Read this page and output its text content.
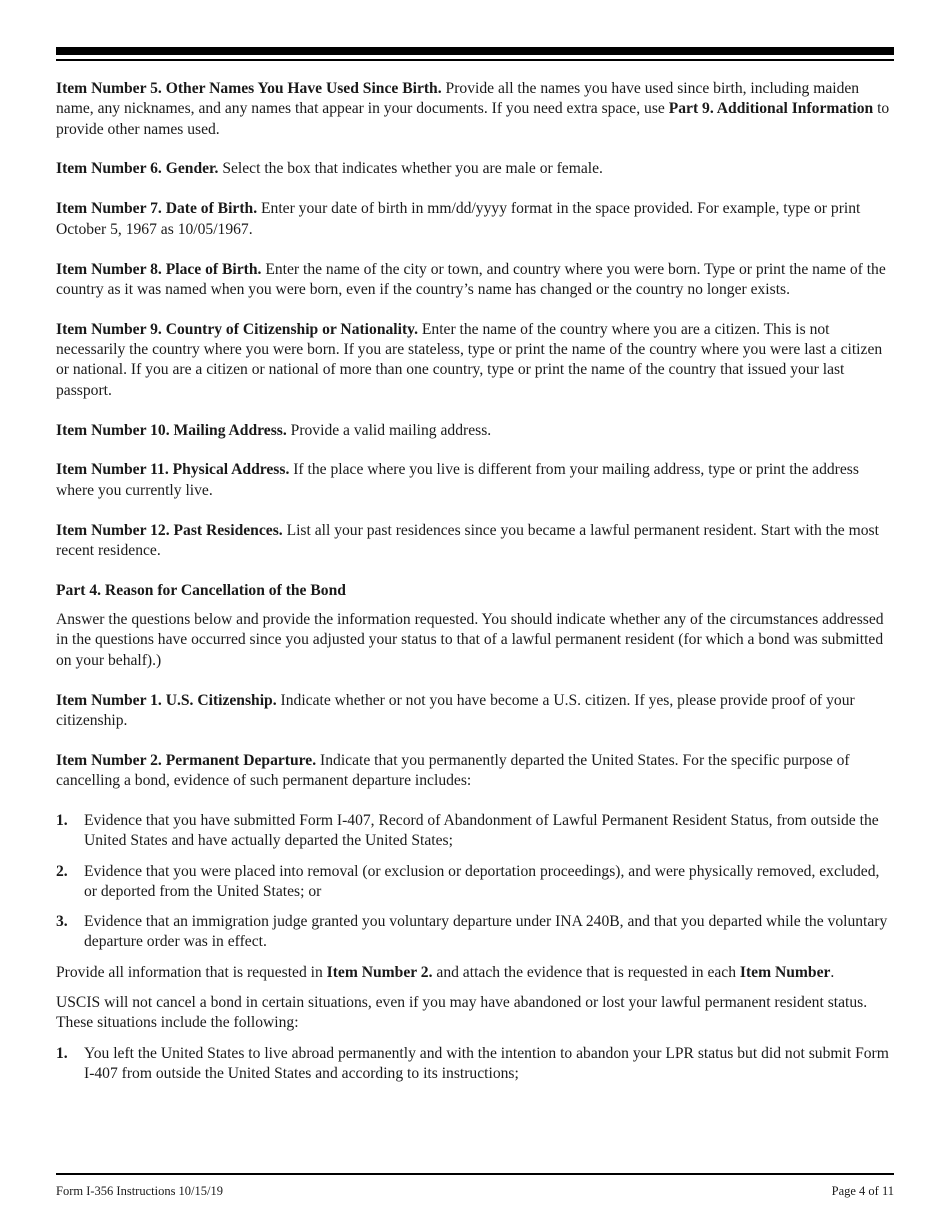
Item Number 5. Other Names You Have Used Since Birth. Provide all the names you have used since birth, including maiden name, any nicknames, and any names that appear in your documents. If you need extra space, use Part 9. Additional Information to provide other names used.

Item Number 6. Gender. Select the box that indicates whether you are male or female.

Item Number 7. Date of Birth. Enter your date of birth in mm/dd/yyyy format in the space provided. For example, type or print October 5, 1967 as 10/05/1967.

Item Number 8. Place of Birth. Enter the name of the city or town, and country where you were born. Type or print the name of the country as it was named when you were born, even if the country’s name has changed or the country no longer exists.

Item Number 9. Country of Citizenship or Nationality. Enter the name of the country where you are a citizen. This is not necessarily the country where you were born. If you are stateless, type or print the name of the country where you were last a citizen or national. If you are a citizen or national of more than one country, type or print the name of the country that issued your last passport.

Item Number 10. Mailing Address. Provide a valid mailing address.

Item Number 11. Physical Address. If the place where you live is different from your mailing address, type or print the address where you currently live.

Item Number 12. Past Residences. List all your past residences since you became a lawful permanent resident. Start with the most recent residence.

Part 4. Reason for Cancellation of the Bond

Answer the questions below and provide the information requested. You should indicate whether any of the circumstances addressed in the questions have occurred since you adjusted your status to that of a lawful permanent resident (for which a bond was submitted on your behalf).)

Item Number 1. U.S. Citizenship. Indicate whether or not you have become a U.S. citizen. If yes, please provide proof of your citizenship.

Item Number 2. Permanent Departure. Indicate that you permanently departed the United States. For the specific purpose of cancelling a bond, evidence of such permanent departure includes:

1. Evidence that you have submitted Form I-407, Record of Abandonment of Lawful Permanent Resident Status, from outside the United States and have actually departed the United States;
2. Evidence that you were placed into removal (or exclusion or deportation proceedings), and were physically removed, excluded, or deported from the United States; or
3. Evidence that an immigration judge granted you voluntary departure under INA 240B, and that you departed while the voluntary departure order was in effect.

Provide all information that is requested in Item Number 2. and attach the evidence that is requested in each Item Number.

USCIS will not cancel a bond in certain situations, even if you may have abandoned or lost your lawful permanent resident status. These situations include the following:

1. You left the United States to live abroad permanently and with the intention to abandon your LPR status but did not submit Form I-407 from outside the United States and according to its instructions;
Form I-356 Instructions 10/15/19	Page 4 of 11
